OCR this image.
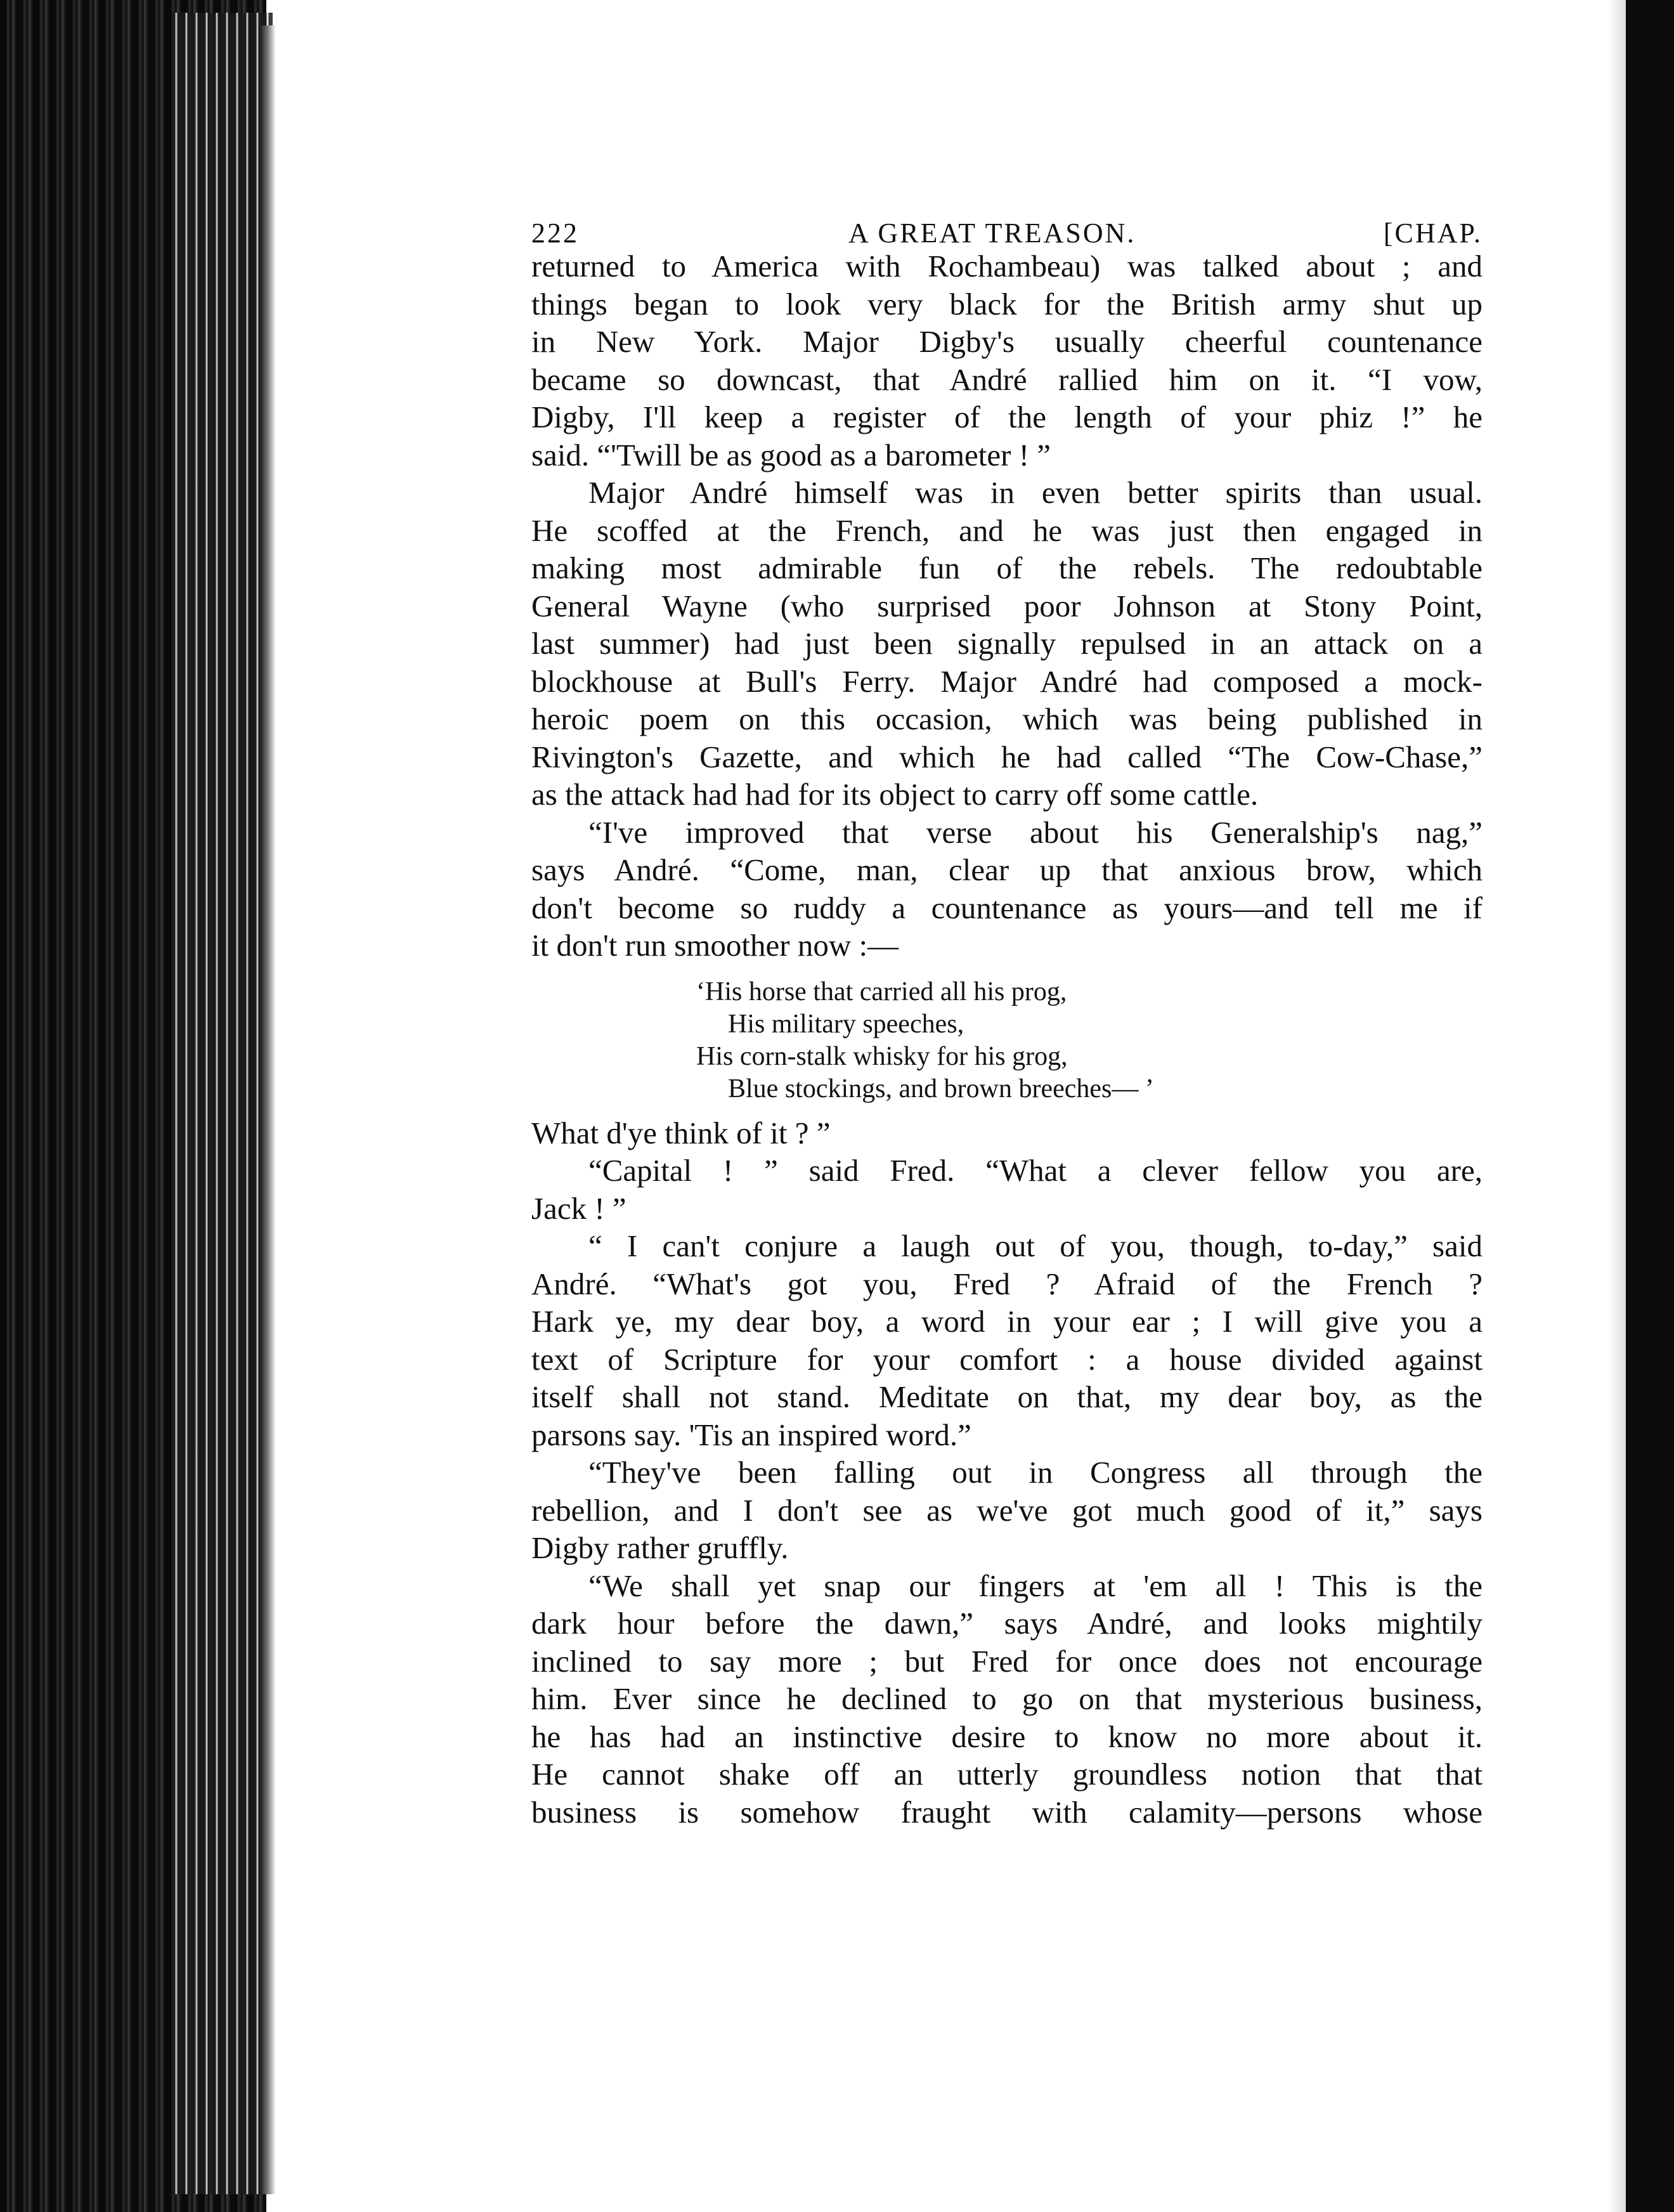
222	A GREAT TREASON.	[CHAP.

returned to America with Rochambeau) was talked about ; and

things began to look very black for the British army shut up

in New York. Major Digby's usually cheerful countenance

became so downcast, that André rallied him on it. “I vow,

Digby, I'll keep a register of the length of your phiz !” he

said. “'Twill be as good as a barometer ! ”

Major André himself was in even better spirits than usual.

He scoffed at the French, and he was just then engaged in

making most admirable fun of the rebels. The redoubtable

General Wayne (who surprised poor Johnson at Stony Point,

last summer) had just been signally repulsed in an attack on a

blockhouse at Bull's Ferry. Major André had composed a mock-

heroic poem on this occasion, which was being published in

Rivington's Gazette, and which he had called “The Cow-Chase,”

as the attack had had for its object to carry off some cattle.

“I've improved that verse about his Generalship's nag,”

says André. “Come, man, clear up that anxious brow, which

don't become so ruddy a countenance as yours—and tell me if

it don't run smoother now :—

‘His horse that carried all his prog,
His military speeches,
His corn-stalk whisky for his grog,
Blue stockings, and brown breeches— ’

What d'ye think of it ? ”

“Capital ! ” said Fred. “What a clever fellow you are,

Jack ! ”

“ I can't conjure a laugh out of you, though, to-day,” said

André. “What's got you, Fred ? Afraid of the French ?

Hark ye, my dear boy, a word in your ear ; I will give you a

text of Scripture for your comfort : a house divided against

itself shall not stand. Meditate on that, my dear boy, as the

parsons say. 'Tis an inspired word.”

“They've been falling out in Congress all through the

rebellion, and I don't see as we've got much good of it,” says

Digby rather gruffly.

“We shall yet snap our fingers at 'em all ! This is the

dark hour before the dawn,” says André, and looks mightily

inclined to say more ; but Fred for once does not encourage

him. Ever since he declined to go on that mysterious business,

he has had an instinctive desire to know no more about it.

He cannot shake off an utterly groundless notion that that

business is somehow fraught with calamity—persons whose
